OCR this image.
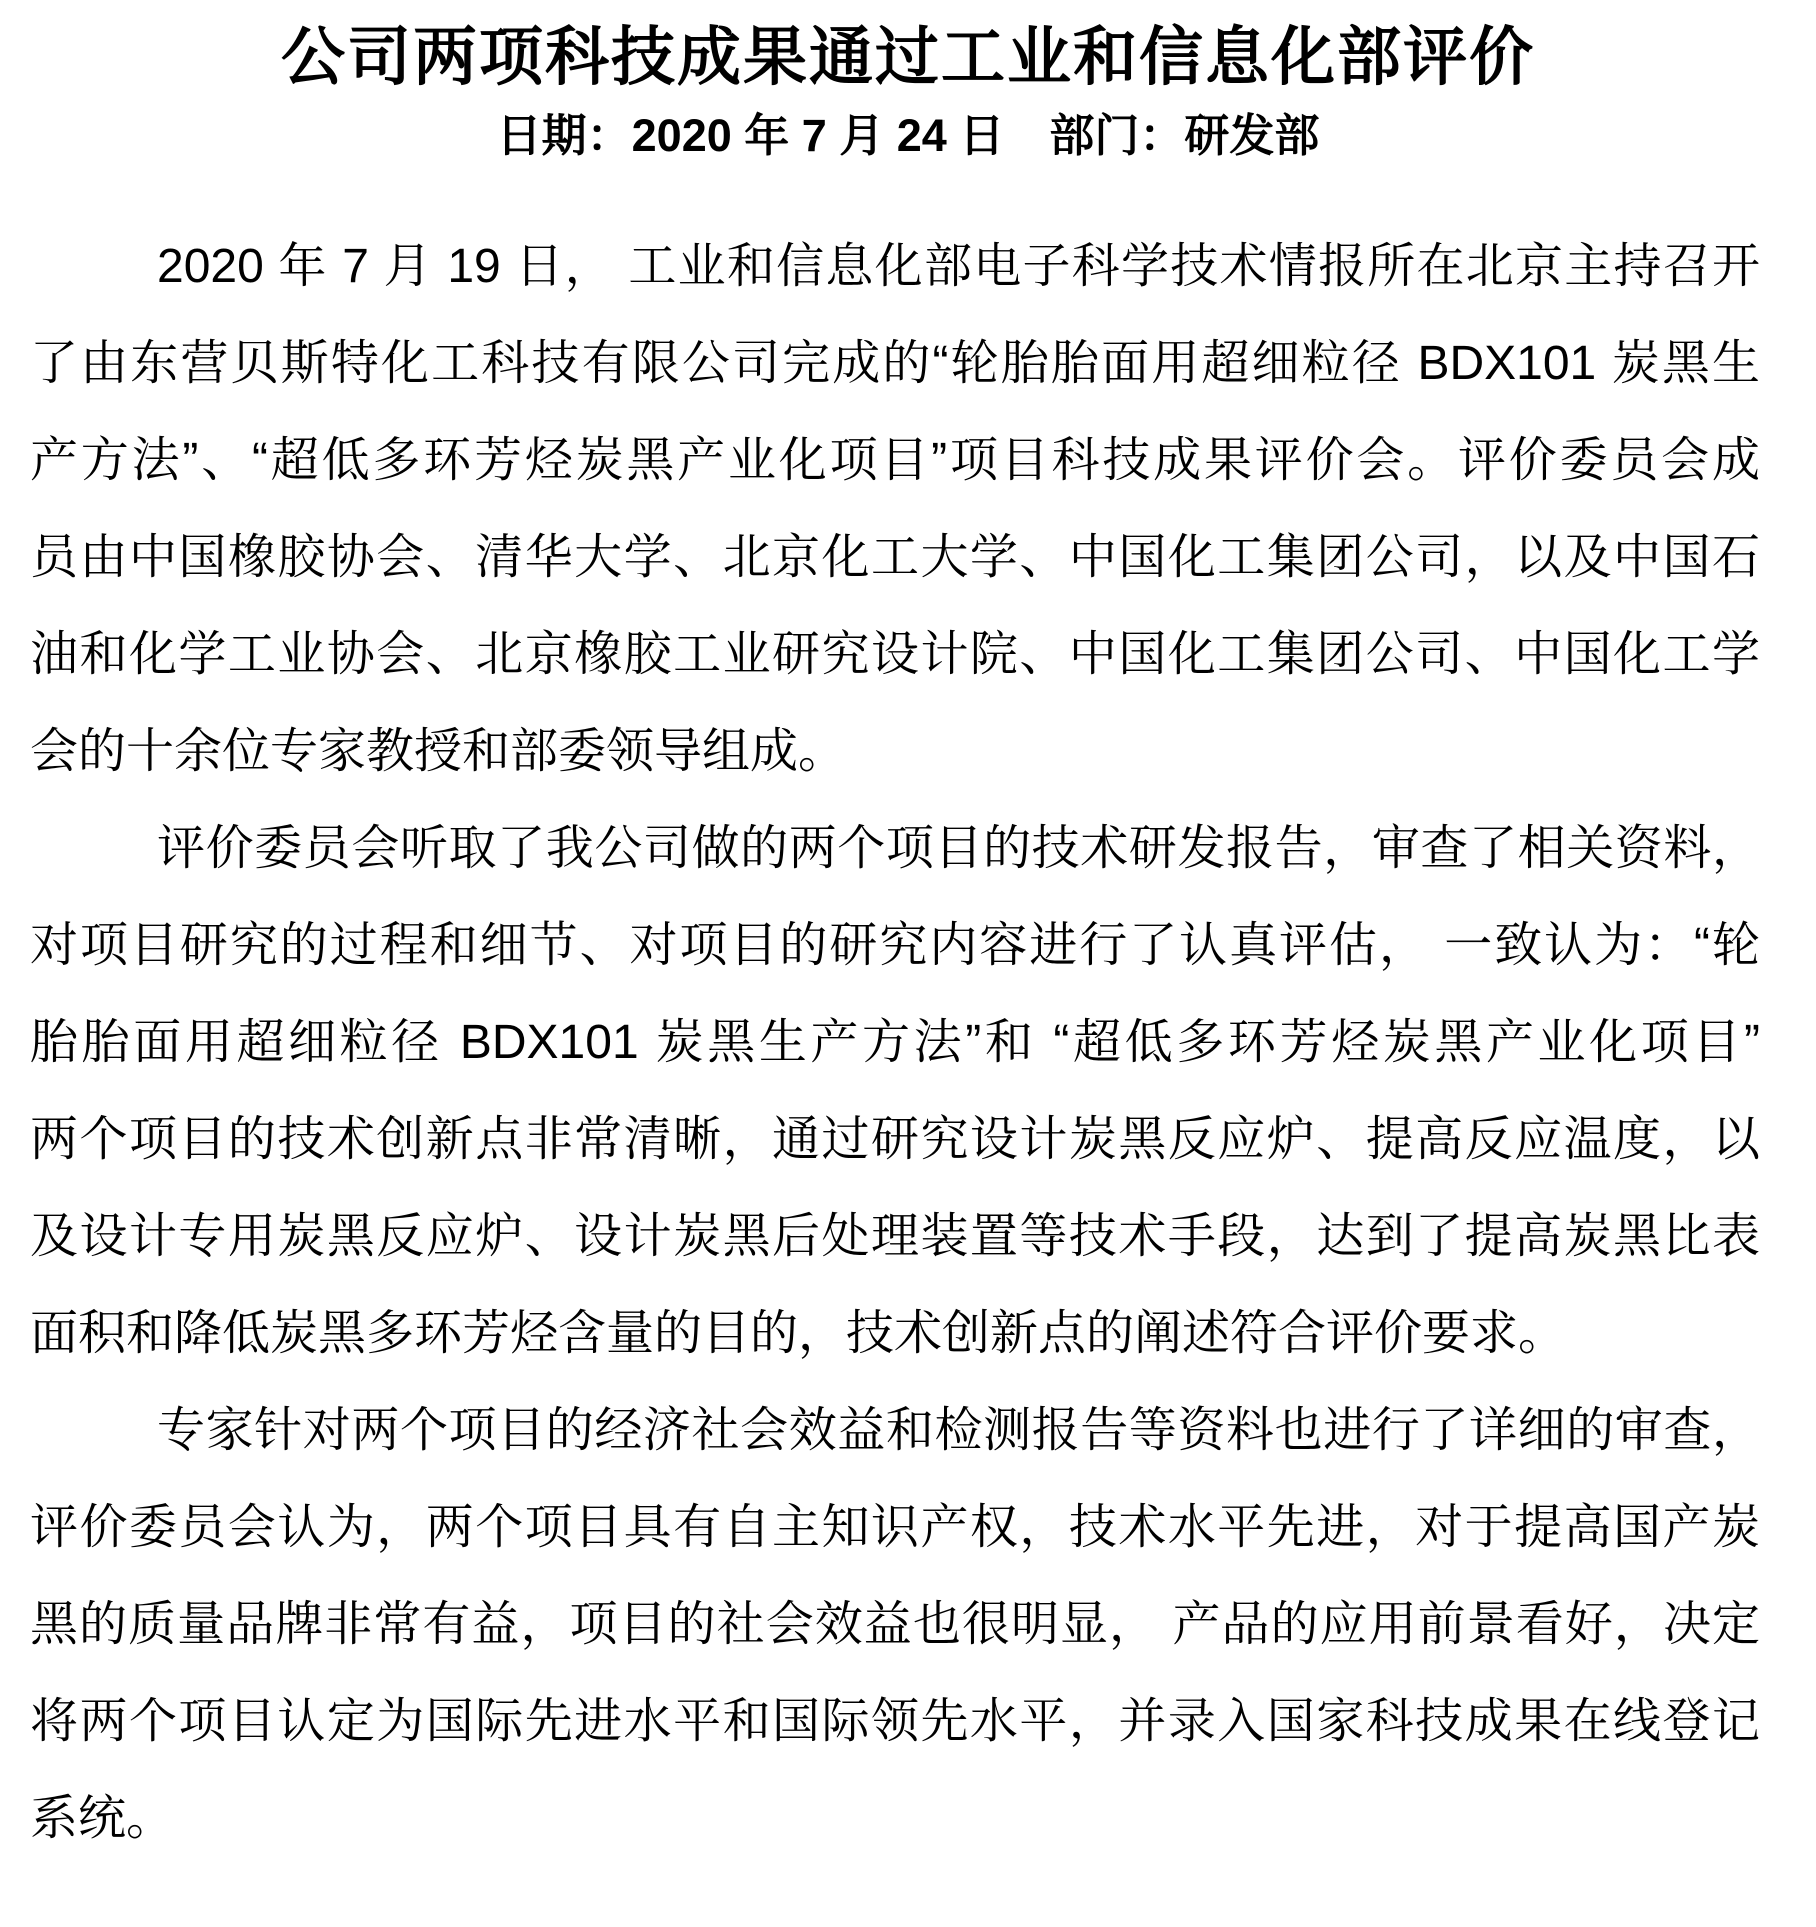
公司两项科技成果通过工业和信息化部评价
日期：2020 年 7 月 24 日　部门：研发部
2020 年 7 月 19 日， 工业和信息化部电子科学技术情报所在北京主持召开
了由东营贝斯特化工科技有限公司完成的“轮胎胎面用超细粒径 BDX101 炭黑生
产方法”、“超低多环芳烃炭黑产业化项目”项目科技成果评价会。评价委员会成
员由中国橡胶协会、清华大学、北京化工大学、中国化工集团公司，以及中国石
油和化学工业协会、北京橡胶工业研究设计院、中国化工集团公司、中国化工学
会的十余位专家教授和部委领导组成。
评价委员会听取了我公司做的两个项目的技术研发报告，审查了相关资料，
对项目研究的过程和细节、对项目的研究内容进行了认真评估， 一致认为：“轮
胎胎面用超细粒径 BDX101 炭黑生产方法”和 “超低多环芳烃炭黑产业化项目”
两个项目的技术创新点非常清晰，通过研究设计炭黑反应炉、提高反应温度，以
及设计专用炭黑反应炉、设计炭黑后处理装置等技术手段，达到了提高炭黑比表
面积和降低炭黑多环芳烃含量的目的，技术创新点的阐述符合评价要求。
专家针对两个项目的经济社会效益和检测报告等资料也进行了详细的审查，
评价委员会认为，两个项目具有自主知识产权，技术水平先进，对于提高国产炭
黑的质量品牌非常有益，项目的社会效益也很明显， 产品的应用前景看好，决定
将两个项目认定为国际先进水平和国际领先水平，并录入国家科技成果在线登记
系统。
